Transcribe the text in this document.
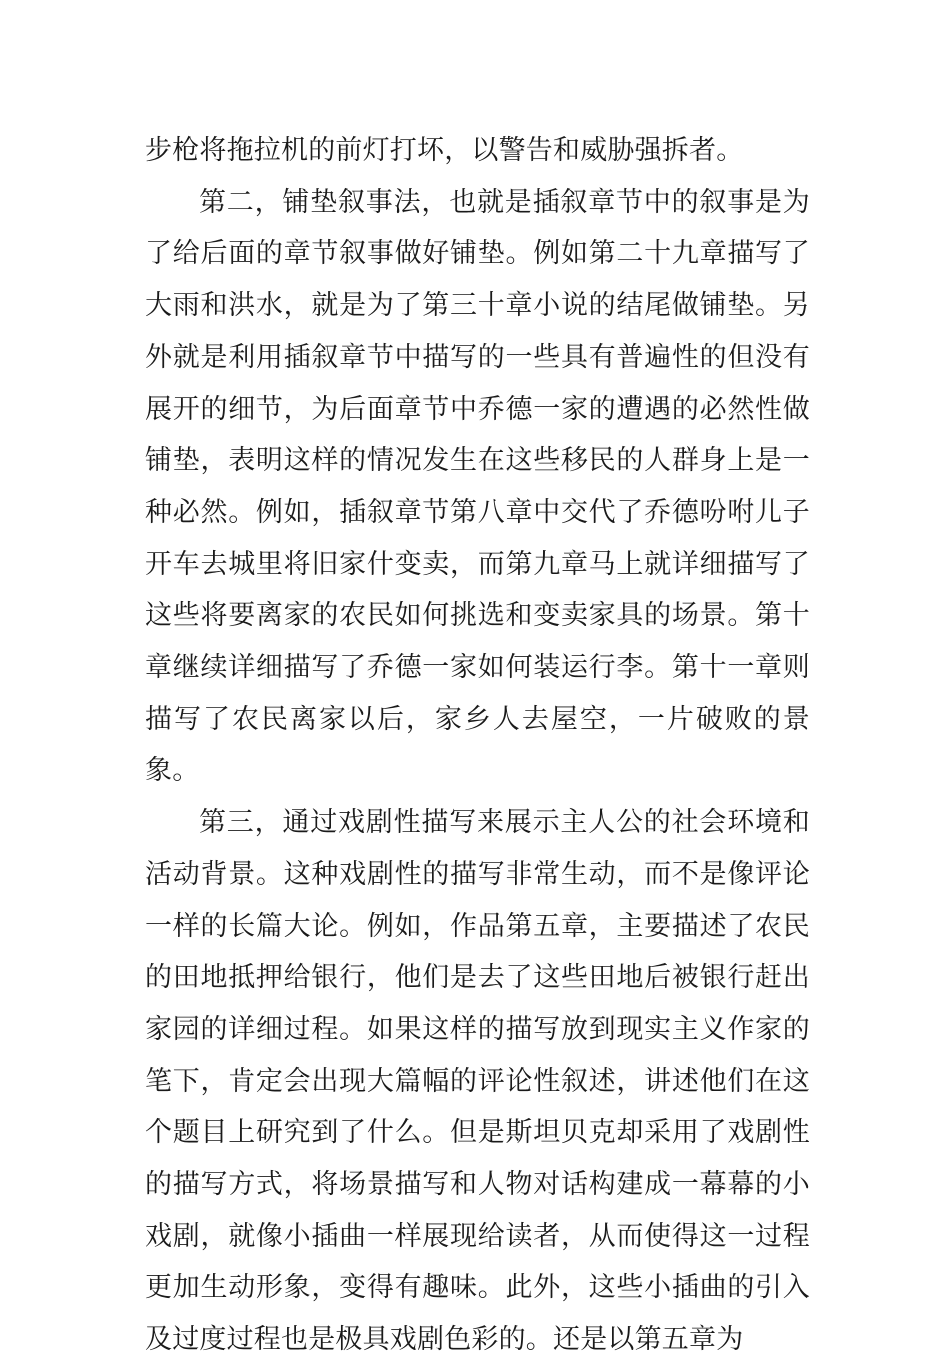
步枪将拖拉机的前灯打坏，以警告和威胁强拆者。

第二，铺垫叙事法，也就是插叙章节中的叙事是为了给后面的章节叙事做好铺垫。例如第二十九章描写了大雨和洪水，就是为了第三十章小说的结尾做铺垫。另外就是利用插叙章节中描写的一些具有普遍性的但没有展开的细节，为后面章节中乔德一家的遭遇的必然性做铺垫，表明这样的情况发生在这些移民的人群身上是一种必然。例如，插叙章节第八章中交代了乔德吩咐儿子开车去城里将旧家什变卖，而第九章马上就详细描写了这些将要离家的农民如何挑选和变卖家具的场景。第十章继续详细描写了乔德一家如何装运行李。第十一章则描写了农民离家以后，家乡人去屋空，一片破败的景象。

第三，通过戏剧性描写来展示主人公的社会环境和活动背景。这种戏剧性的描写非常生动，而不是像评论一样的长篇大论。例如，作品第五章，主要描述了农民的田地抵押给银行，他们是去了这些田地后被银行赶出家园的详细过程。如果这样的描写放到现实主义作家的笔下，肯定会出现大篇幅的评论性叙述，讲述他们在这个题目上研究到了什么。但是斯坦贝克却采用了戏剧性的描写方式，将场景描写和人物对话构建成一幕幕的小戏剧，就像小插曲一样展现给读者，从而使得这一过程更加生动形象，变得有趣味。此外，这些小插曲的引入及过度过程也是极具戏剧色彩的。还是以第五章为
